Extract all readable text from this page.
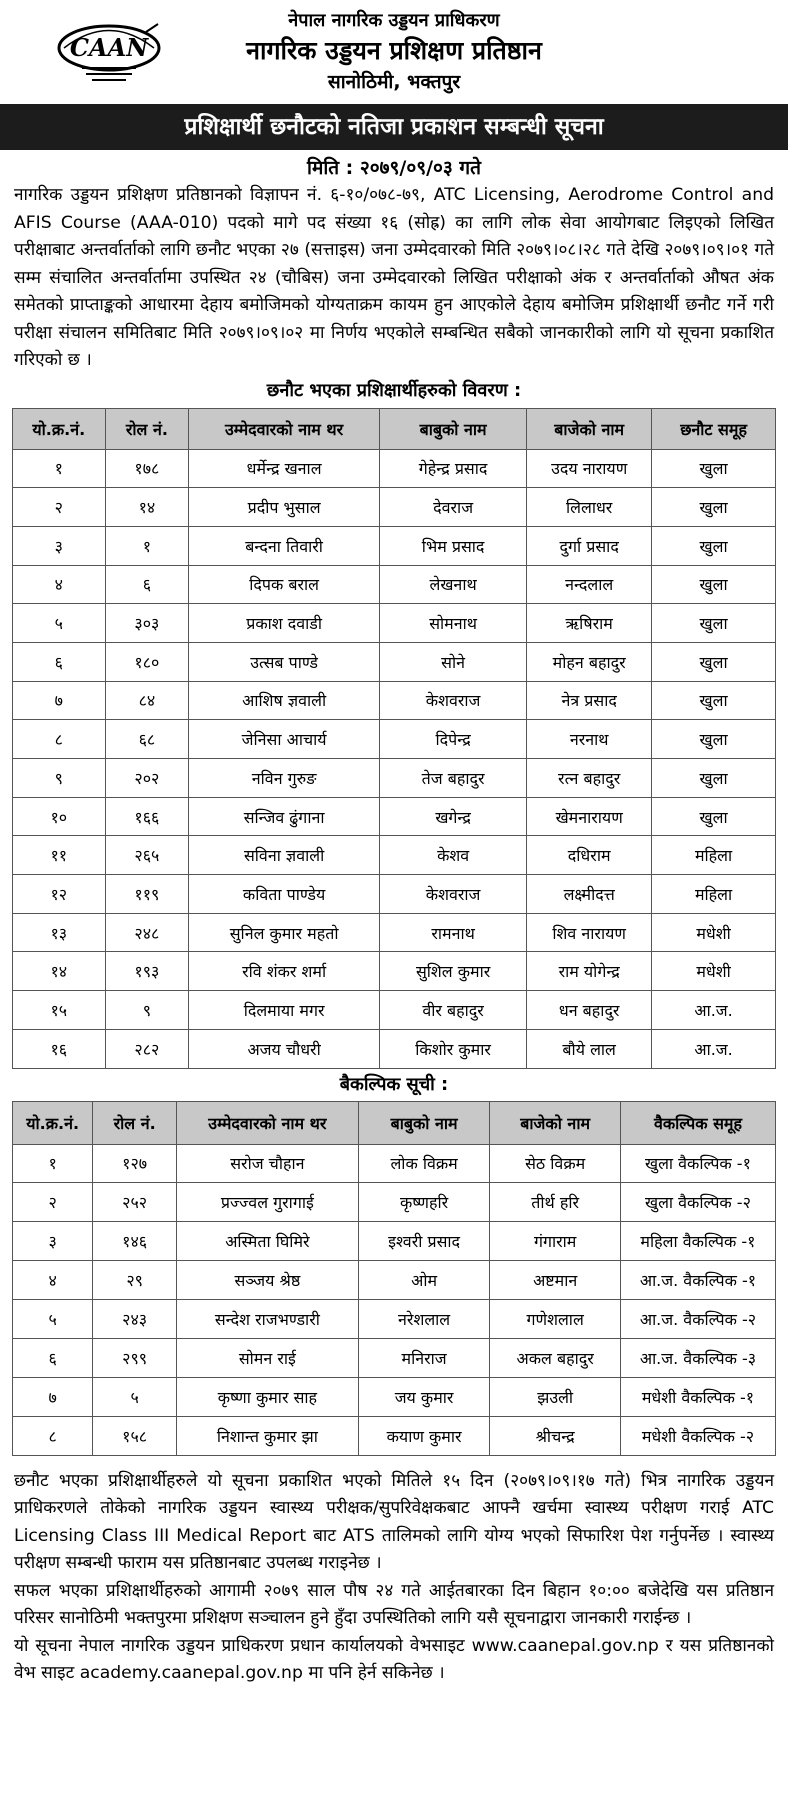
CAAN
नेपाल नागरिक उड्डयन प्राधिकरण
नागरिक उड्डयन प्रशिक्षण प्रतिष्ठान
सानोठिमी, भक्तपुर
प्रशिक्षार्थी छनौटको नतिजा प्रकाशन सम्बन्धी सूचना
मिति : २०७९/०९/०३ गते
नागरिक उड्डयन प्रशिक्षण प्रतिष्ठानको विज्ञापन नं. ६-१०/०७८-७९, ATC Licensing, Aerodrome Control and AFIS Course (AAA-010) पदको मागे पद संख्या १६ (सोह्र) का लागि लोक सेवा आयोगबाट लिइएको लिखित परीक्षाबाट अन्तर्वार्ताको लागि छनौट भएका २७ (सत्ताइस) जना उम्मेदवारको मिति २०७९।०८।२८ गते देखि २०७९।०९।०१ गते सम्म संचालित अन्तर्वार्तामा उपस्थित २४ (चौबिस) जना उम्मेदवारको लिखित परीक्षाको अंक र अन्तर्वार्ताको औषत अंक समेतको प्राप्ताङ्कको आधारमा देहाय बमोजिमको योग्यताक्रम कायम हुन आएकोले देहाय बमोजिम प्रशिक्षार्थी छनौट गर्ने गरी परीक्षा संचालन समितिबाट मिति २०७९।०९।०२ मा निर्णय भएकोले सम्बन्धित सबैको जानकारीको लागि यो सूचना प्रकाशित गरिएको छ ।
छनौट भएका प्रशिक्षार्थीहरुको विवरण :
यो.क्र.नं.	रोल नं.	उम्मेदवारको नाम थर	बाबुको नाम	बाजेको नाम	छनौट समूह
१	१७८	धर्मेन्द्र खनाल	गेहेन्द्र प्रसाद	उदय नारायण	खुला
२	१४	प्रदीप भुसाल	देवराज	लिलाधर	खुला
३	१	बन्दना तिवारी	भिम प्रसाद	दुर्गा प्रसाद	खुला
४	६	दिपक बराल	लेखनाथ	नन्दलाल	खुला
५	३०३	प्रकाश दवाडी	सोमनाथ	ऋषिराम	खुला
६	१८०	उत्सब पाण्डे	सोने	मोहन बहादुर	खुला
७	८४	आशिष ज्ञवाली	केशवराज	नेत्र प्रसाद	खुला
८	६८	जेनिसा आचार्य	दिपेन्द्र	नरनाथ	खुला
९	२०२	नविन गुरुङ	तेज बहादुर	रत्न बहादुर	खुला
१०	१६६	सन्जिव ढुंगाना	खगेन्द्र	खेमनारायण	खुला
११	२६५	सविना ज्ञवाली	केशव	दधिराम	महिला
१२	११९	कविता पाण्डेय	केशवराज	लक्ष्मीदत्त	महिला
१३	२४८	सुनिल कुमार महतो	रामनाथ	शिव नारायण	मधेशी
१४	१९३	रवि शंकर शर्मा	सुशिल कुमार	राम योगेन्द्र	मधेशी
१५	९	दिलमाया मगर	वीर बहादुर	धन बहादुर	आ.ज.
१६	२८२	अजय चौधरी	किशोर कुमार	बौये लाल	आ.ज.
बैकल्पिक सूची :
यो.क्र.नं.	रोल नं.	उम्मेदवारको नाम थर	बाबुको नाम	बाजेको नाम	वैकल्पिक समूह
१	१२७	सरोज चौहान	लोक विक्रम	सेठ विक्रम	खुला वैकल्पिक -१
२	२५२	प्रज्ज्वल गुरागाई	कृष्णहरि	तीर्थ हरि	खुला वैकल्पिक -२
३	१४६	अस्मिता घिमिरे	इश्वरी प्रसाद	गंगाराम	महिला वैकल्पिक -१
४	२९	सञ्जय श्रेष्ठ	ओम	अष्टमान	आ.ज. वैकल्पिक -१
५	२४३	सन्देश राजभण्डारी	नरेशलाल	गणेशलाल	आ.ज. वैकल्पिक -२
६	२९९	सोमन राई	मनिराज	अकल बहादुर	आ.ज. वैकल्पिक -३
७	५	कृष्णा कुमार साह	जय कुमार	झउली	मधेशी वैकल्पिक -१
८	१५८	निशान्त कुमार झा	कयाण कुमार	श्रीचन्द्र	मधेशी वैकल्पिक -२
छनौट भएका प्रशिक्षार्थीहरुले यो सूचना प्रकाशित भएको मितिले १५ दिन (२०७९।०९।१७ गते) भित्र नागरिक उड्डयन प्राधिकरणले तोकेको नागरिक उड्डयन स्वास्थ्य परीक्षक/सुपरिवेक्षकबाट आफ्नै खर्चमा स्वास्थ्य परीक्षण गराई ATC Licensing Class III Medical Report बाट ATS तालिमको लागि योग्य भएको सिफारिश पेश गर्नुपर्नेछ । स्वास्थ्य परीक्षण सम्बन्धी फाराम यस प्रतिष्ठानबाट उपलब्ध गराइनेछ ।
सफल भएका प्रशिक्षार्थीहरुको आगामी २०७९ साल पौष २४ गते आईतबारका दिन बिहान १०:०० बजेदेखि यस प्रतिष्ठान परिसर सानोठिमी भक्तपुरमा प्रशिक्षण सञ्चालन हुने हुँदा उपस्थितिको लागि यसै सूचनाद्वारा जानकारी गराईन्छ ।
यो सूचना नेपाल नागरिक उड्डयन प्राधिकरण प्रधान कार्यालयको वेभसाइट www.caanepal.gov.np र यस प्रतिष्ठानको वेभ साइट academy.caanepal.gov.np मा पनि हेर्न सकिनेछ ।
